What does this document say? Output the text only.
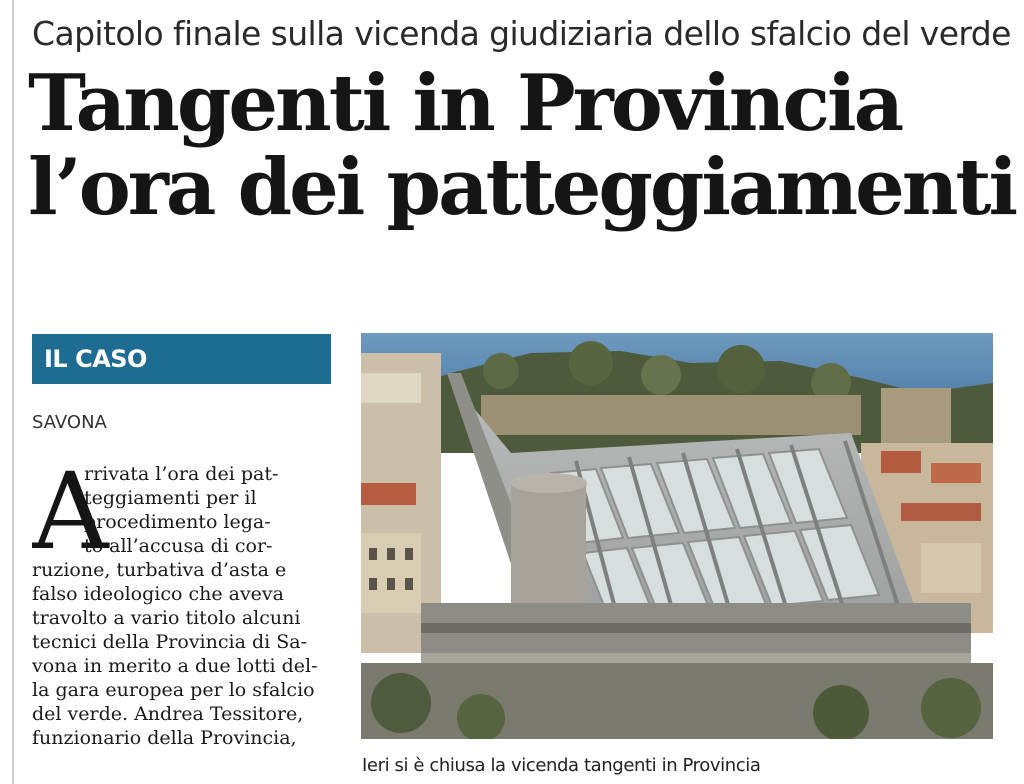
Capitolo finale sulla vicenda giudiziaria dello sfalcio del verde
Tangenti in Provincia
l’ora dei patteggiamenti
IL CASO
SAVONA
A
rrivata l’ora dei pat-
teggiamenti per il
procedimento lega-
to all’accusa di cor-
ruzione, turbativa d’asta e
falso ideologico che aveva
travolto a vario titolo alcuni
tecnici della Provincia di Sa-
vona in merito a due lotti del-
la gara europea per lo sfalcio
del verde. Andrea Tessitore,
funzionario della Provincia,
Ieri si è chiusa la vicenda tangenti in Provincia
